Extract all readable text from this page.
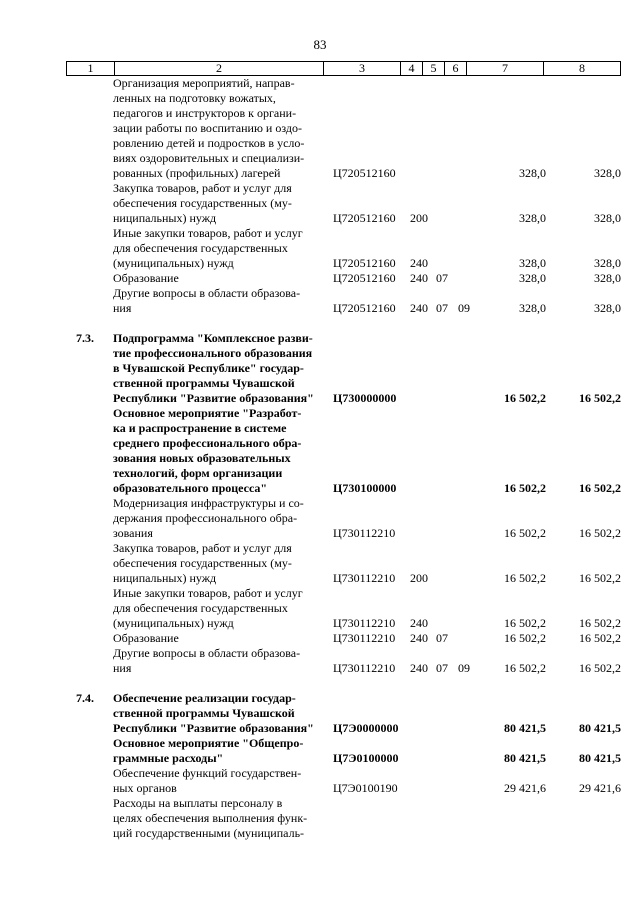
83
1	2	3	4	5	6	7	8
Организация мероприятий, направ-
ленных на подготовку вожатых,
педагогов и инструкторов к органи-
зации работы по воспитанию и оздо-
ровлению детей и подростков в усло-
виях оздоровительных и специализи-
рованных (профильных) лагерей	Ц720512160	328,0	328,0
Закупка товаров, работ и услуг для
обеспечения государственных (му-
ниципальных) нужд	Ц720512160 200	328,0	328,0
Иные закупки товаров, работ и услуг
для обеспечения государственных
(муниципальных) нужд	Ц720512160 240	328,0	328,0
Образование	Ц720512160 240 07	328,0	328,0
Другие вопросы в области образова-
ния	Ц720512160 240 07 09	328,0	328,0
7.3. Подпрограмма "Комплексное разви-
тие профессионального образования
в Чувашской Республике" государ-
ственной программы Чувашской
Республики "Развитие образования"	Ц730000000	16 502,2	16 502,2
Основное мероприятие "Разработ-
ка и распространение в системе
среднего профессионального обра-
зования новых образовательных
технологий, форм организации
образовательного процесса"	Ц730100000	16 502,2	16 502,2
Модернизация инфраструктуры и со-
держания профессионального обра-
зования	Ц730112210	16 502,2	16 502,2
Закупка товаров, работ и услуг для
обеспечения государственных (му-
ниципальных) нужд	Ц730112210 200	16 502,2	16 502,2
Иные закупки товаров, работ и услуг
для обеспечения государственных
(муниципальных) нужд	Ц730112210 240	16 502,2	16 502,2
Образование	Ц730112210 240 07	16 502,2	16 502,2
Другие вопросы в области образова-
ния	Ц730112210 240 07 09	16 502,2	16 502,2
7.4. Обеспечение реализации государ-
ственной программы Чувашской
Республики "Развитие образования"	Ц7Э0000000	80 421,5	80 421,5
Основное мероприятие "Общепро-
граммные расходы"	Ц7Э0100000	80 421,5	80 421,5
Обеспечение функций государствен-
ных органов	Ц7Э0100190	29 421,6	29 421,6
Расходы на выплаты персоналу в
целях обеспечения выполнения функ-
ций государственными (муниципаль-
